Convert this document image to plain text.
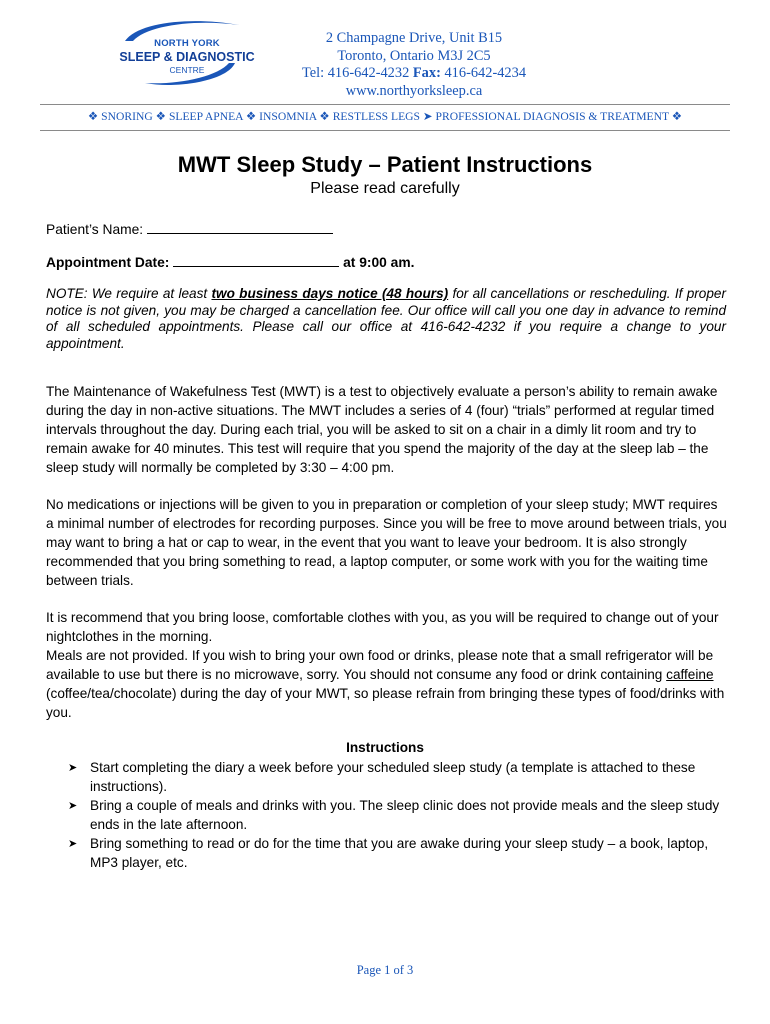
NORTH YORK
SLEEP & DIAGNOSTIC
CENTRE
2 Champagne Drive, Unit B15
Toronto, Ontario M3J 2C5
Tel: 416-642-4232 Fax: 416-642-4234
www.northyorksleep.ca
❖ SNORING ❖ SLEEP APNEA ❖ INSOMNIA ❖ RESTLESS LEGS ➤ PROFESSIONAL DIAGNOSIS & TREATMENT ❖
MWT Sleep Study – Patient Instructions
Please read carefully
Patient’s Name:
Appointment Date:	at 9:00 am.
NOTE: We require at least two business days notice (48 hours) for all cancellations or rescheduling. If proper notice is not given, you may be charged a cancellation fee. Our office will call you one day in advance to remind of all scheduled appointments. Please call our office at 416-642-4232 if you require a change to your appointment.
The Maintenance of Wakefulness Test (MWT) is a test to objectively evaluate a person’s ability to remain awake during the day in non-active situations. The MWT includes a series of 4 (four) “trials” performed at regular timed intervals throughout the day. During each trial, you will be asked to sit on a chair in a dimly lit room and try to remain awake for 40 minutes. This test will require that you spend the majority of the day at the sleep lab – the sleep study will normally be completed by 3:30 – 4:00 pm.
No medications or injections will be given to you in preparation or completion of your sleep study; MWT requires a minimal number of electrodes for recording purposes. Since you will be free to move around between trials, you may want to bring a hat or cap to wear, in the event that you want to leave your bedroom. It is also strongly recommended that you bring something to read, a laptop computer, or some work with you for the waiting time between trials.
It is recommend that you bring loose, comfortable clothes with you, as you will be required to change out of your nightclothes in the morning.
Meals are not provided. If you wish to bring your own food or drinks, please note that a small refrigerator will be available to use but there is no microwave, sorry. You should not consume any food or drink containing caffeine (coffee/tea/chocolate) during the day of your MWT, so please refrain from bringing these types of food/drinks with you.
Instructions
➤ Start completing the diary a week before your scheduled sleep study (a template is attached to these instructions).
➤ Bring a couple of meals and drinks with you. The sleep clinic does not provide meals and the sleep study ends in the late afternoon.
➤ Bring something to read or do for the time that you are awake during your sleep study – a book, laptop, MP3 player, etc.
Page 1 of 3
